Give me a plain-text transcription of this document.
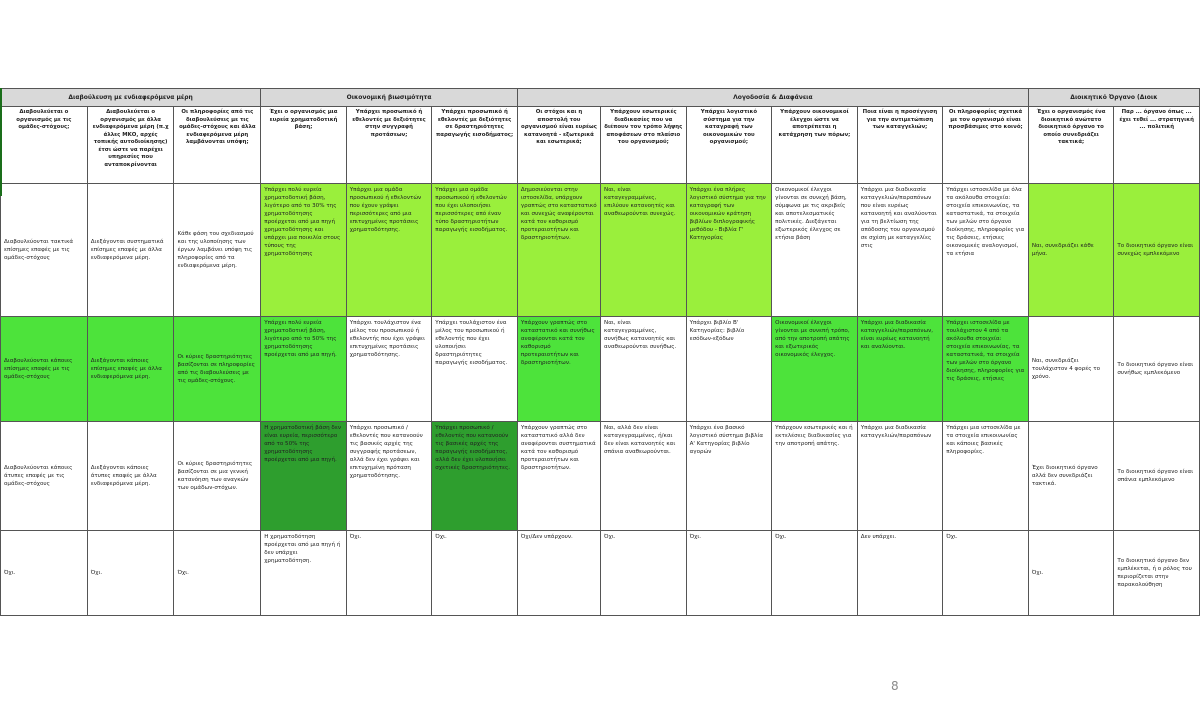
Διαβούλευση με ενδιαφερόμενα μέρη			Οικονομική βιωσιμότητα			Λογοδοσία & Διαφάνεια						Διοικητικό Όργανο (Διοικ	
Διαβουλεύεται ο οργανισμός με τις ομάδες-στόχους;	Διαβουλεύεται ο οργανισμός με άλλα ενδιαφερόμενα μέρη (π.χ άλλες ΜΚΟ, αρχές τοπικής αυτοδιοίκησης) έτσι ώστε να παρέχει υπηρεσίες που ανταποκρίνονται	Οι πληροφορίες από τις διαβουλεύσεις με τις ομάδες-στόχους και άλλα ενδιαφερόμενα μέρη λαμβάνονται υπόψη;	Έχει ο οργανισμός μια ευρεία χρηματοδοτική βάση;	Υπάρχει προσωπικό ή εθελοντές με δεξιότητες στην συγγραφή προτάσεων;	Υπάρχει προσωπικό ή εθελοντές με δεξιότητες σε δραστηριότητες παραγωγής εισοδήματος;	Οι στόχοι και η αποστολή του οργανισμού είναι ευρέως κατανοητά - εξωτερικά και εσωτερικά;	Υπάρχουν εσωτερικές διαδικασίες που να διέπουν τον τρόπο λήψης αποφάσεων στο πλαίσιο του οργανισμού;	Υπάρχει λογιστικό σύστημα για την καταγραφή των οικονομικών του οργανισμού;	Υπάρχουν οικονομικοί έλεγχοι ώστε να αποτρέπεται η κατάχρηση των πόρων;	Ποια είναι η προσέγγιση για την αντιμετώπιση των καταγγελιών;	Οι πληροφορίες σχετικά με τον οργανισμό είναι προσβάσιμες στο κοινό;	Έχει ο οργανισμός ένα διοικητικό ανώτατο διοικητικό όργανο το οποίο συνεδριάζει τακτικά;	Παρ ... όργανο όπως ... έχει τεθεί ... στρατηγική ... πολιτική
Διαβουλεύονται τακτικά επίσημες επαφές με τις ομάδες-στόχους	Διεξάγονται συστηματικά επίσημες επαφές με άλλα ενδιαφερόμενα μέρη.	Κάθε φάση του σχεδιασμού και της υλοποίησης των έργων λαμβάνει υπόψη τις πληροφορίες από τα ενδιαφερόμενα μέρη.	Υπάρχει πολύ ευρεία χρηματοδοτική βάση, λιγότερο από το 30% της χρηματοδότησης προέρχεται από μια πηγή χρηματοδότησης και υπάρχει μια ποικιλία στους τύπους της χρηματοδότησης	Υπάρχει μια ομάδα προσωπικού ή εθελοντών που έχουν γράψει περισσότερες από μια επιτυχημένες προτάσεις χρηματοδότησης.	Υπάρχει μια ομάδα προσωπικού ή εθελοντών που έχει υλοποιήσει περισσότερες από έναν τύπο δραστηριοτήτων παραγωγής εισοδήματος.	Δημοσιεύονται στην ιστοσελίδα, υπάρχουν γραπτώς στο καταστατικό και συνεχώς αναφέρονται κατά τον καθορισμό προτεραιοτήτων και δραστηριοτήτων.	Ναι, είναι καταγεγραμμένες, επιλύουν κατανοητές και αναθεωρούνται συνεχώς.	Υπάρχει ένα πλήρες λογιστικό σύστημα για την καταγραφή των οικονομικών κράτηση βιβλίων διπλογραφικής μεθόδου - Βιβλία Γ' Κατηγορίας	Οικονομικοί έλεγχοι γίνονται σε συνεχή βάση, σύμφωνα με τις ακριβείς και αποτελεσματικές πολιτικές. Διεξάγεται εξωτερικός έλεγχος σε ετήσια βάση	Υπάρχει μια διαδικασία καταγγελιών/παραπόνων που είναι ευρέως κατανοητή και αναλύονται για τη βελτίωση της απόδοσης του οργανισμού σε σχέση με καταγγελίες στις	Υπάρχει ιστοσελίδα με όλα τα ακόλουθα στοιχεία: στοιχεία επικοινωνίας, τα καταστατικά, τα στοιχεία των μελών στο όργανο διοίκησης, πληροφορίες για τις δράσεις, ετήσιες οικονομικές αναλογισμοί, τα ετήσια	Ναι, συνεδριάζει κάθε μήνα.	Το διοικητικό όργανο είναι συνεχώς εμπλεκόμενο
Διαβουλεύονται κάποιες επίσημες επαφές με τις ομάδες-στόχους	Διεξάγονται κάποιες επίσημες επαφές με άλλα ενδιαφερόμενα μέρη.	Οι κύριες δραστηριότητες βασίζονται σε πληροφορίες από τις διαβουλεύσεις με τις ομάδες-στόχους.	Υπάρχει πολύ ευρεία χρηματοδοτική βάση, λιγότερο από το 50% της χρηματοδότησης προέρχεται από μια πηγή.	Υπάρχει τουλάχιστον ένα μέλος του προσωπικού ή εθελοντής που έχει γράψει επιτυχημένες προτάσεις χρηματοδότησης.	Υπάρχει τουλάχιστον ένα μέλος του προσωπικού ή εθελοντής που έχει υλοποιήσει δραστηριότητες παραγωγής εισοδήματος.	Υπάρχουν γραπτώς στο καταστατικό και συνήθως αναφέρονται κατά τον καθορισμό προτεραιοτήτων και δραστηριοτήτων.	Ναι, είναι καταγεγραμμένες, συνήθως κατανοητές και αναθεωρούνται συνήθως.	Υπάρχει βιβλίο Β' Κατηγορίας: βιβλίο εσόδων-εξόδων	Οικονομικοί έλεγχοι γίνονται με συνεπή τρόπο, από την αποτροπή απάτης και εξωτερικός οικονομικός έλεγχος.	Υπάρχει μια διαδικασία καταγγελιών/παραπόνων, είναι ευρέως κατανοητή και αναλύονται.	Υπάρχει ιστοσελίδα με τουλάχιστον 4 από τα ακόλουθα στοιχεία: στοιχεία επικοινωνίας, τα καταστατικά, τα στοιχεία των μελών στο όργανο διοίκησης, πληροφορίες για τις δράσεις, ετήσιες	Ναι, συνεδριάζει τουλάχιστον 4 φορές το χρόνο.	Το διοικητικό όργανο είναι συνήθως εμπλεκόμενο
Διαβουλεύονται κάποιες άτυπες επαφές με τις ομάδες-στόχους	Διεξάγονται κάποιες άτυπες επαφές με άλλα ενδιαφερόμενα μέρη.	Οι κύριες δραστηριότητες βασίζονται σε μια γενική κατανόηση των αναγκών των ομάδων-στόχων.	Η χρηματοδοτική βάση δεν είναι ευρεία, περισσότερο από το 50% της χρηματοδότησης προέρχεται από μια πηγή.	Υπάρχει προσωπικό / εθελοντές που κατανοούν τις βασικές αρχές της συγγραφής προτάσεων, αλλά δεν έχει γράψει και επιτυχημένη πρόταση χρηματοδότησης.	Υπάρχει προσωπικό / εθελοντές που κατανοούν τις βασικές αρχές της παραγωγής εισοδήματος, αλλά δεν έχει υλοποιήσει σχετικές δραστηριότητες.	Υπάρχουν γραπτώς στο καταστατικό αλλά δεν αναφέρονται συστηματικά κατά τον καθορισμό προτεραιοτήτων και δραστηριοτήτων.	Ναι, αλλά δεν είναι καταγεγραμμένες, ή/και δεν είναι κατανοητές και σπάνια αναθεωρούνται.	Υπάρχει ένα βασικό λογιστικό σύστημα βιβλία Α' Κατηγορίας βιβλίο αγορών	Υπάρχουν εσωτερικές και ή εκτελέσεις διαδικασίες για την αποτροπή απάτης.	Υπάρχει μια διαδικασία καταγγελιών/παραπόνων	Υπάρχει μια ιστοσελίδα με τα στοιχεία επικοινωνίας και κάποιες βασικές πληροφορίες.	Έχει διοικητικό όργανο αλλά δεν συνεδριάζει τακτικά.	Το διοικητικό όργανο είναι σπάνια εμπλεκόμενο
Όχι.	Όχι.	Όχι.	Η χρηματοδότηση προέρχεται από μια πηγή ή δεν υπάρχει χρηματοδότηση.	Όχι.	Όχι.	Όχι/Δεν υπάρχουν.	Όχι.	Όχι.	Όχι.	Δεν υπάρχει.	Όχι.	Όχι.	Το διοικητικό όργανο δεν εμπλέκεται, ή ο ρόλος του περιορίζεται στην παρακολούθηση
8
